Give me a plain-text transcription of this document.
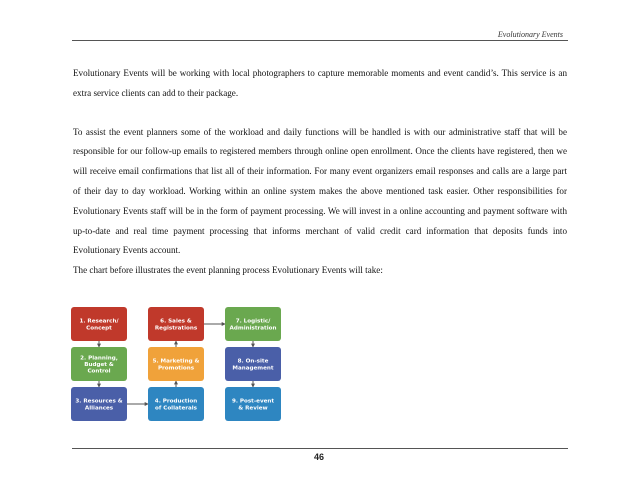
Evolutionary Events

Evolutionary Events will be working with local photographers to capture memorable moments and event candid’s. This service is an extra service clients can add to their package.

To assist the event planners some of the workload and daily functions will be handled is with our administrative staff that will be responsible for our follow-up emails to registered members through online open enrollment. Once the clients have registered, then we will receive email confirmations that list all of their information. For many event organizers email responses and calls are a large part of their day to day workload. Working within an online system makes the above mentioned task easier. Other responsibilities for Evolutionary Events staff will be in the form of payment processing. We will invest in a online accounting and payment software with up-to-date and real time payment processing that informs merchant of valid credit card information that deposits funds into Evolutionary Events account.

The chart before illustrates the event planning process Evolutionary Events will take:

1. Research/
Concept
2. Planning,
Budget &
Control
3. Resources &
Alliances
4. Production
of Collaterals
5. Marketing &
Promotions
6. Sales &
Registrations
7. Logistic/
Administration
8. On-site
Management
9. Post-event
& Review
46
